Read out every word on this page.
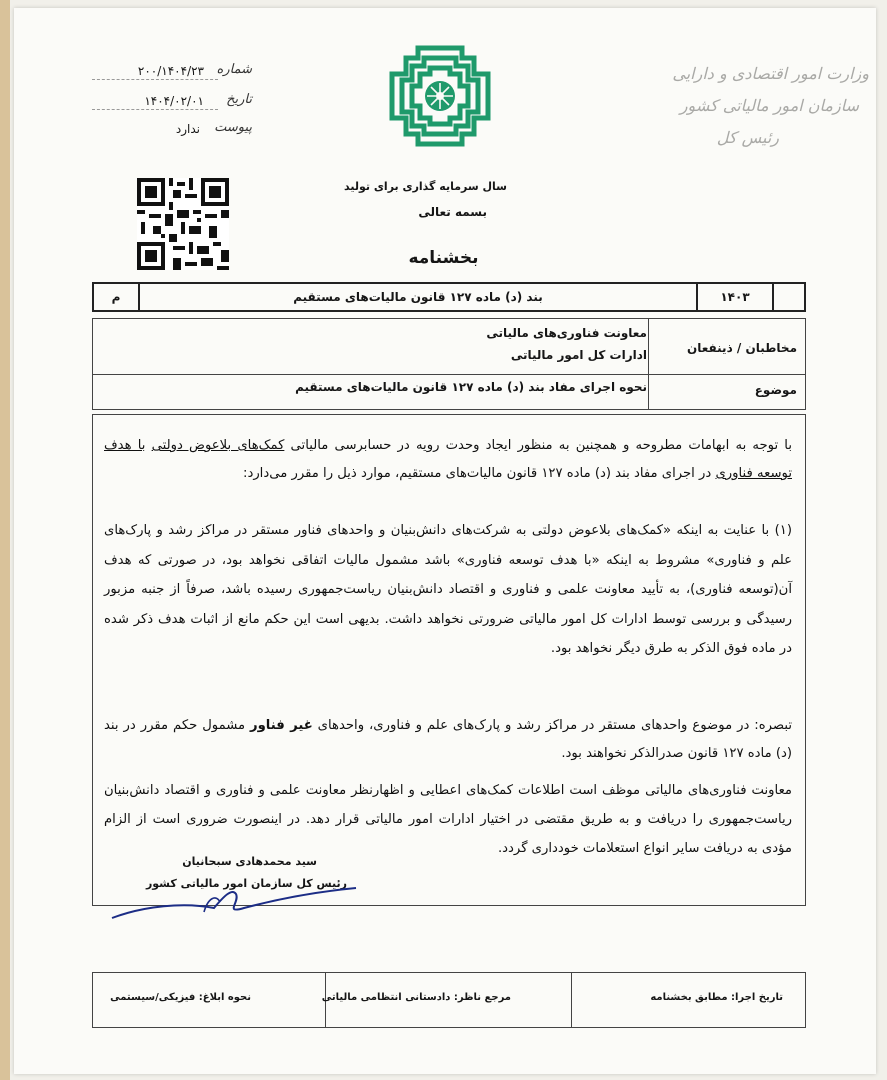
وزارت امور اقتصادی و دارایی
سازمان امور مالیاتی کشور
رئیس کل
شماره
۲۰۰/۱۴۰۴/۲۳
تاریخ
۱۴۰۴/۰۲/۰۱
پیوست
ندارد
سال سرمایه گذاری برای تولید
بسمه تعالی
بخشنامه
۱۴۰۳
بند (د) ماده ۱۲۷ قانون مالیات‌های مستقیم
م
مخاطبان / ذینفعان
معاونت فناوری‌های مالیاتی
ادارات کل امور مالیاتی
موضوع
نحوه اجرای مفاد بند (د) ماده ۱۲۷ قانون مالیات‌های مستقیم
با توجه به ابهامات مطروحه و همچنین به منظور ایجاد وحدت رویه در حسابرسی مالیاتی کمک‌های بلاعوض دولتی با هدف توسعه فناوری در اجرای مفاد بند (د) ماده ۱۲۷ قانون مالیات‌های مستقیم، موارد ذیل را مقرر می‌دارد:
(۱) با عنایت به اینکه «کمک‌های بلاعوض دولتی به شرکت‌های دانش‌بنیان و واحدهای فناور مستقر در مراکز رشد و پارک‌های علم و فناوری» مشروط به اینکه «با هدف توسعه فناوری» باشد مشمول مالیات اتفاقی نخواهد بود، در صورتی که هدف آن(توسعه فناوری)، به تأیید معاونت علمی و فناوری و اقتصاد دانش‌بنیان ریاست‌جمهوری رسیده باشد، صرفاً از جنبه مزبور رسیدگی و بررسی توسط ادارات کل امور مالیاتی ضرورتی نخواهد داشت. بدیهی است این حکم مانع از اثبات هدف ذکر شده در ماده فوق الذکر به طرق دیگر نخواهد بود.
تبصره: در موضوع واحدهای مستقر در مراکز رشد و پارک‌های علم و فناوری، واحدهای غیر فناور مشمول حکم مقرر در بند (د) ماده ۱۲۷ قانون صدرالذکر نخواهند بود.
معاونت فناوری‌های مالیاتی موظف است اطلاعات کمک‌های اعطایی و اظهارنظر معاونت علمی و فناوری و اقتصاد دانش‌بنیان ریاست‌جمهوری را دریافت و به طریق مقتضی در اختیار ادارات امور مالیاتی قرار دهد. در اینصورت ضروری است از الزام مؤدی به دریافت سایر انواع استعلامات خودداری گردد.
سید محمدهادی سبحانیان
رئیس کل سازمان امور مالیاتی کشور
تاریخ اجرا: مطابق بخشنامه
مرجع ناظر: دادستانی انتظامی مالیاتی
نحوه ابلاغ: فیزیکی/سیستمی
